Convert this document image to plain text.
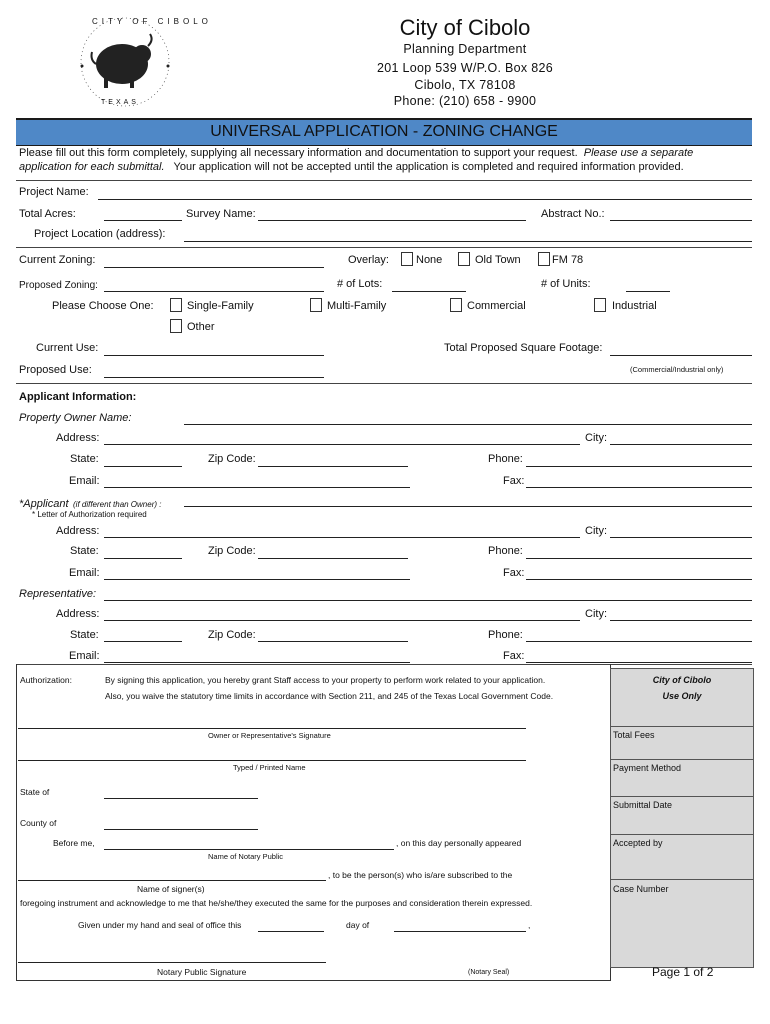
CITY OF CIBOLO
TEXAS
City of Cibolo
Planning Department
201 Loop 539 W/P.O. Box 826
Cibolo, TX 78108
Phone: (210) 658 - 9900
UNIVERSAL APPLICATION - ZONING CHANGE
Please fill out this form completely, supplying all necessary information and documentation to support your request. Please use a separate
application for each submittal. Your application will not be accepted until the application is completed and required information provided.
Project Name:
Total Acres:	Survey Name:	Abstract No.:
Project Location (address):
Current Zoning:	Overlay: None	Old Town	FM 78
Proposed Zoning:	# of Lots:	# of Units:
Please Choose One:	Single-Family	Multi-Family	Commercial	Industrial
Other
Current Use:	Total Proposed Square Footage:
Proposed Use:	(Commercial/Industrial only)
Applicant Information:
Property Owner Name:
Address:	City:
State:	Zip Code:	Phone:
Email:	Fax:
*Applicant (if different than Owner) :
* Letter of Authorization required
Address:	City:
State:	Zip Code:	Phone:
Email:	Fax:
Representative:
Address:	City:
State:	Zip Code:	Phone:
Email:	Fax:
Authorization:	By signing this application, you hereby grant Staff access to your property to perform work related to your application.
Also, you waive the statutory time limits in accordance with Section 211, and 245 of the Texas Local Government Code.
Owner or Representative's Signature
Typed / Printed Name
State of
County of
Before me,	, on this day personally appeared
Name of Notary Public
, to be the person(s) who is/are subscribed to the
Name of signer(s)
foregoing instrument and acknowledge to me that he/she/they executed the same for the purposes and consideration therein expressed.
Given under my hand and seal of office this	day of	,
Notary Public Signature	(Notary Seal)
City of Cibolo
Use Only
Total Fees
Payment Method
Submittal Date
Accepted by
Case Number
Page 1 of 2
